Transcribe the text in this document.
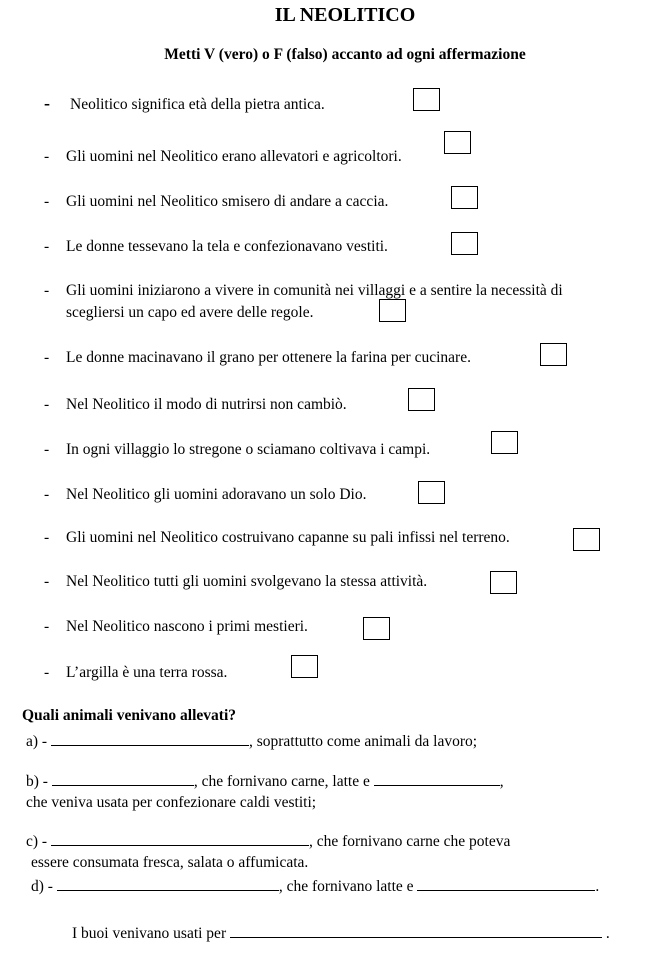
IL NEOLITICO
Metti V (vero) o F (falso) accanto ad ogni affermazione
- Neolitico significa età della pietra antica.
- Gli uomini nel Neolitico erano allevatori e agricoltori.
- Gli uomini nel Neolitico smisero di andare a caccia.
- Le donne tessevano la tela e confezionavano vestiti.
- Gli uomini iniziarono a vivere in comunità nei villaggi e a sentire la necessità di
scegliersi un capo ed avere delle regole.
- Le donne macinavano il grano per ottenere la farina per cucinare.
- Nel Neolitico il modo di nutrirsi non cambiò.
- In ogni villaggio lo stregone o sciamano coltivava i campi.
- Nel Neolitico gli uomini adoravano un solo Dio.
- Gli uomini nel Neolitico costruivano capanne su pali infissi nel terreno.
- Nel Neolitico tutti gli uomini svolgevano la stessa attività.
- Nel Neolitico nascono i primi mestieri.
- L’argilla è una terra rossa.
Quali animali venivano allevati?
a) -	, soprattutto come animali da lavoro;
b) -	, che fornivano carne, latte e	,
che veniva usata per confezionare caldi vestiti;
c) -	, che fornivano carne che poteva
essere consumata fresca, salata o affumicata.
d) -	, che fornivano latte e	.
I buoi venivano usati per	.
